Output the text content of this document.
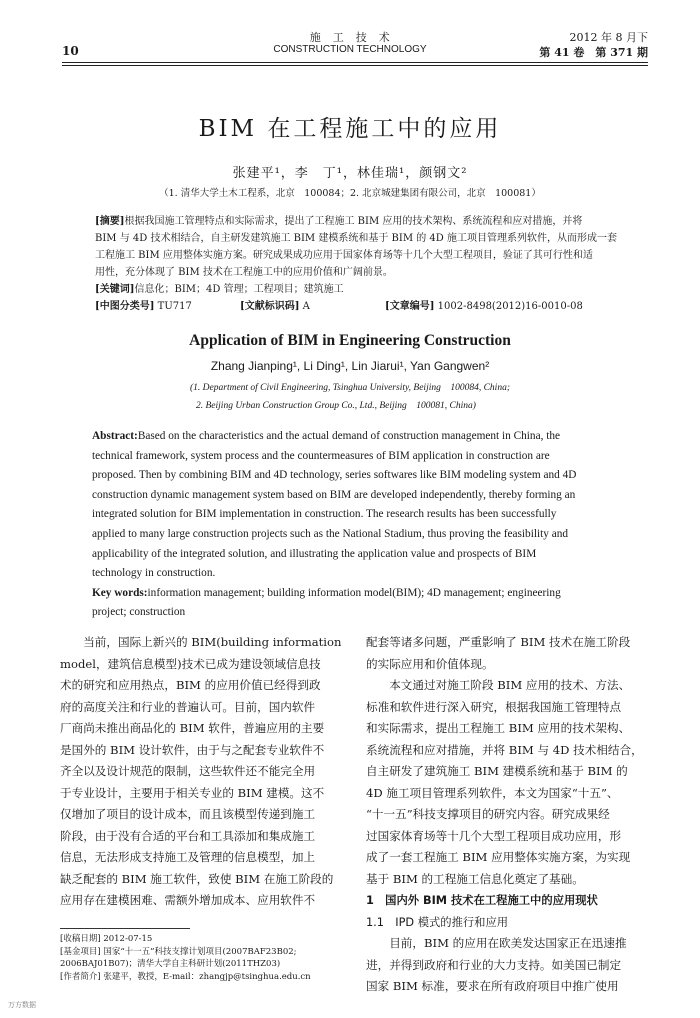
10
施　工　技　术
CONSTRUCTION TECHNOLOGY
2012 年 8 月下
第 41 卷　第 371 期
BIM 在工程施工中的应用
张建平¹，李　丁¹，林佳瑞¹，颜钢文²
（1. 清华大学土木工程系，北京　100084；2. 北京城建集团有限公司，北京　100081）
[摘要]根据我国施工管理特点和实际需求，提出了工程施工 BIM 应用的技术架构、系统流程和应对措施，并将
BIM 与 4D 技术相结合，自主研发建筑施工 BIM 建模系统和基于 BIM 的 4D 施工项目管理系列软件，从而形成一套
工程施工 BIM 应用整体实施方案。研究成果成功应用于国家体育场等十几个大型工程项目，验证了其可行性和适
用性，充分体现了 BIM 技术在工程施工中的应用价值和广阔前景。
[关键词]信息化；BIM；4D 管理；工程项目；建筑施工
[中图分类号] TU717	[文献标识码] A	[文章编号] 1002-8498(2012)16-0010-08
Application of BIM in Engineering Construction
Zhang Jianping¹, Li Ding¹, Lin Jiarui¹, Yan Gangwen²
(1. Department of Civil Engineering, Tsinghua University, Beijing　100084, China;
2. Beijing Urban Construction Group Co., Ltd., Beijing　100081, China)
Abstract:Based on the characteristics and the actual demand of construction management in China, the
technical framework, system process and the countermeasures of BIM application in construction are
proposed. Then by combining BIM and 4D technology, series softwares like BIM modeling system and 4D
construction dynamic management system based on BIM are developed independently, thereby forming an
integrated solution for BIM implementation in construction. The research results has been successfully
applied to many large construction projects such as the National Stadium, thus proving the feasibility and
applicability of the integrated solution, and illustrating the application value and prospects of BIM
technology in construction.
Key words:information management; building information model(BIM); 4D management; engineering
project; construction
　　当前，国际上新兴的 BIM(building information
model，建筑信息模型)技术已成为建设领域信息技
术的研究和应用热点，BIM 的应用价值已经得到政
府的高度关注和行业的普遍认可。目前，国内软件
厂商尚未推出商品化的 BIM 软件，普遍应用的主要
是国外的 BIM 设计软件，由于与之配套专业软件不
齐全以及设计规范的限制，这些软件还不能完全用
于专业设计，主要用于相关专业的 BIM 建模。这不
仅增加了项目的设计成本，而且该模型传递到施工
阶段，由于没有合适的平台和工具添加和集成施工
信息，无法形成支持施工及管理的信息模型，加上
缺乏配套的 BIM 施工软件，致使 BIM 在施工阶段的
应用存在建模困难、需额外增加成本、应用软件不
[收稿日期] 2012-07-15
[基金项目] 国家“十一五”科技支撑计划项目(2007BAF23B02;
2006BAJ01B07)；清华大学自主科研计划(2011THZ03)
[作者简介] 张建平，教授，E-mail：zhangjp@tsinghua.edu.cn
配套等诸多问题，严重影响了 BIM 技术在施工阶段
的实际应用和价值体现。
　　本文通过对施工阶段 BIM 应用的技术、方法、
标准和软件进行深入研究，根据我国施工管理特点
和实际需求，提出工程施工 BIM 应用的技术架构、
系统流程和应对措施，并将 BIM 与 4D 技术相结合，
自主研发了建筑施工 BIM 建模系统和基于 BIM 的
4D 施工项目管理系列软件，本文为国家“十五”、
“十一五”科技支撑项目的研究内容。研究成果经
过国家体育场等十几个大型工程项目成功应用，形
成了一套工程施工 BIM 应用整体实施方案，为实现
基于 BIM 的工程施工信息化奠定了基础。
1　国内外 BIM 技术在工程施工中的应用现状
1.1　IPD 模式的推行和应用
　　目前，BIM 的应用在欧美发达国家正在迅速推
进，并得到政府和行业的大力支持。如美国已制定
国家 BIM 标准，要求在所有政府项目中推广使用
万方数据
